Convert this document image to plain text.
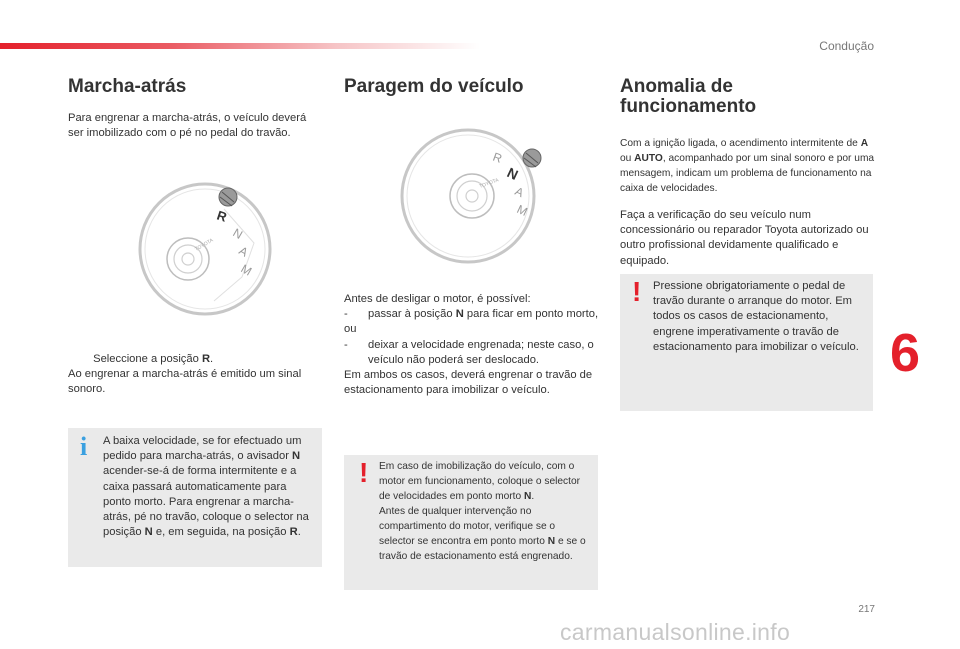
Condução
6
Marcha-atrás

Para engrenar a marcha-atrás, o veículo deverá ser imobilizado com o pé no pedal do travão.

R
N
A
M
TOYOTA
Seleccione a posição R.

Ao engrenar a marcha-atrás é emitido um sinal sonoro.

i A baixa velocidade, se for efectuado um pedido para marcha-atrás, o avisador N acender-se-á de forma intermitente e a caixa passará automaticamente para ponto morto. Para engrenar a marcha-atrás, pé no travão, coloque o selector na posição N e, em seguida, na posição R.

Paragem do veículo
R
N
A
M
TOYOTA

Antes de desligar o motor, é possível:

- passar à posição N para ficar em ponto morto,

ou

- deixar a velocidade engrenada; neste caso, o veículo não poderá ser deslocado.

Em ambos os casos, deverá engrenar o travão de estacionamento para imobilizar o veículo.

! Em caso de imobilização do veículo, com o motor em funcionamento, coloque o selector de velocidades em ponto morto N.
Antes de qualquer intervenção no compartimento do motor, verifique se o selector se encontra em ponto morto N e se o travão de estacionamento está engrenado.

Anomalia de
funcionamento

Com a ignição ligada, o acendimento intermitente de A ou AUTO, acompanhado por um sinal sonoro e por uma mensagem, indicam um problema de funcionamento na caixa de velocidades.

Faça a verificação do seu veículo num concessionário ou reparador Toyota autorizado ou outro profissional devidamente qualificado e equipado.

! Pressione obrigatoriamente o pedal de travão durante o arranque do motor. Em todos os casos de estacionamento, engrene imperativamente o travão de estacionamento para imobilizar o veículo.

217
carmanualsonline.info
